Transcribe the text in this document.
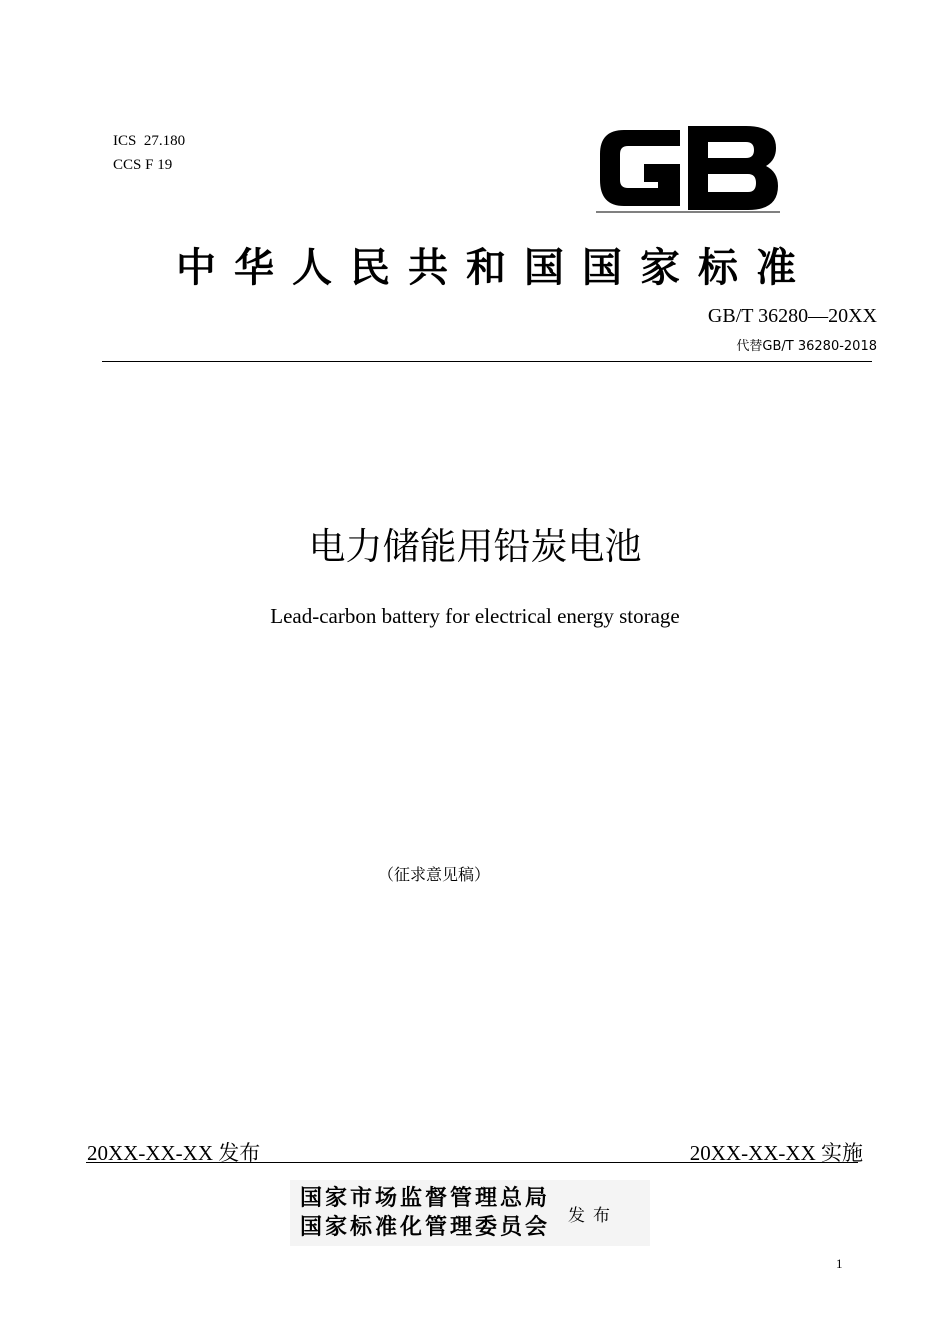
ICS  27.180
CCS F 19
中华人民共和国国家标准
GB/T 36280—20XX
代替GB/T 36280-2018
电力储能用铅炭电池
Lead-carbon battery for electrical energy storage
（征求意见稿）
20XX-XX-XX 发布	20XX-XX-XX 实施
国家市场监督管理总局
国家标准化管理委员会 发布
1
